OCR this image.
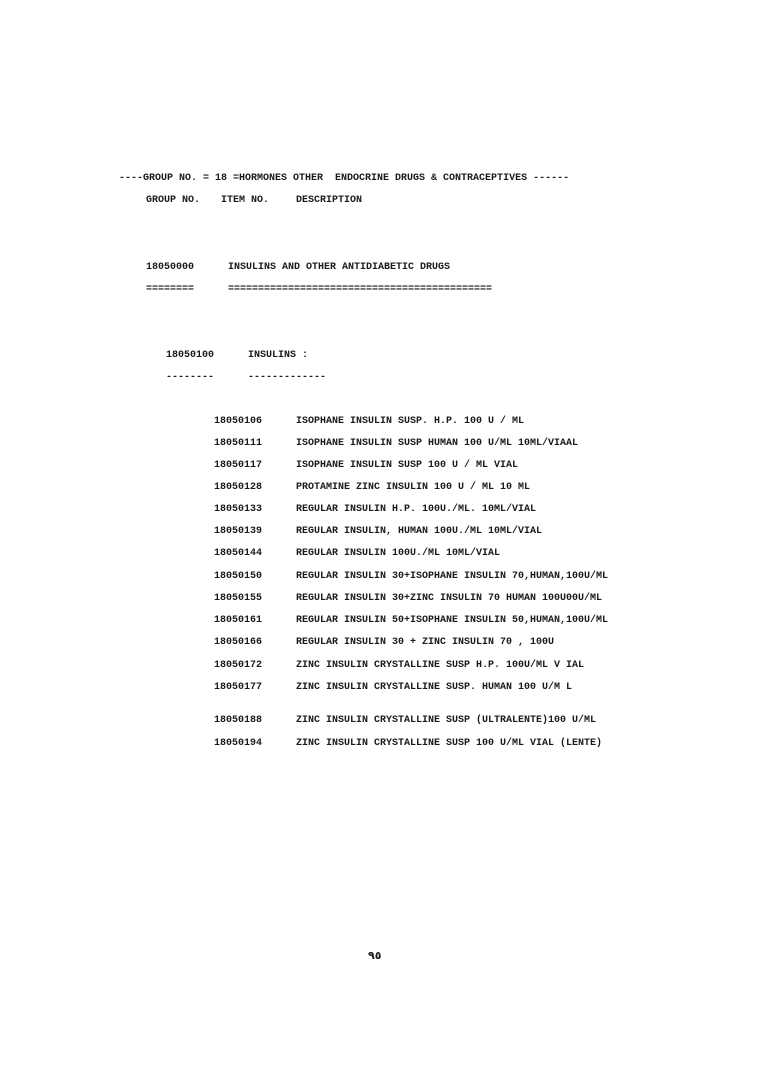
----GROUP NO. = 18 =HORMONES OTHER  ENDOCRINE DRUGS & CONTRACEPTIVES ------
GROUP NO. ITEM NO.	DESCRIPTION
18050000	INSULINS AND OTHER ANTIDIABETIC DRUGS
========	============================================
18050100	INSULINS :
--------	-------------
18050106	ISOPHANE INSULIN SUSP. H.P. 100 U / ML
18050111	ISOPHANE INSULIN SUSP HUMAN 100 U/ML 10ML/VIAAL
18050117	ISOPHANE INSULIN SUSP 100 U / ML VIAL
18050128	PROTAMINE ZINC INSULIN 100 U / ML 10 ML
18050133	REGULAR INSULIN H.P. 100U./ML. 10ML/VIAL
18050139	REGULAR INSULIN, HUMAN 100U./ML 10ML/VIAL
18050144	REGULAR INSULIN 100U./ML 10ML/VIAL
18050150	REGULAR INSULIN 30+ISOPHANE INSULIN 70,HUMAN,100U/ML
18050155	REGULAR INSULIN 30+ZINC INSULIN 70 HUMAN 100U00U/ML
18050161	REGULAR INSULIN 50+ISOPHANE INSULIN 50,HUMAN,100U/ML
18050166	REGULAR INSULIN 30 + ZINC INSULIN 70 , 100U
18050172	ZINC INSULIN CRYSTALLINE SUSP H.P. 100U/ML V IAL
18050177	ZINC INSULIN CRYSTALLINE SUSP. HUMAN 100 U/M L
18050188	ZINC INSULIN CRYSTALLINE SUSP (ULTRALENTE)100 U/ML
18050194	ZINC INSULIN CRYSTALLINE SUSP 100 U/ML VIAL (LENTE)
٩٥
